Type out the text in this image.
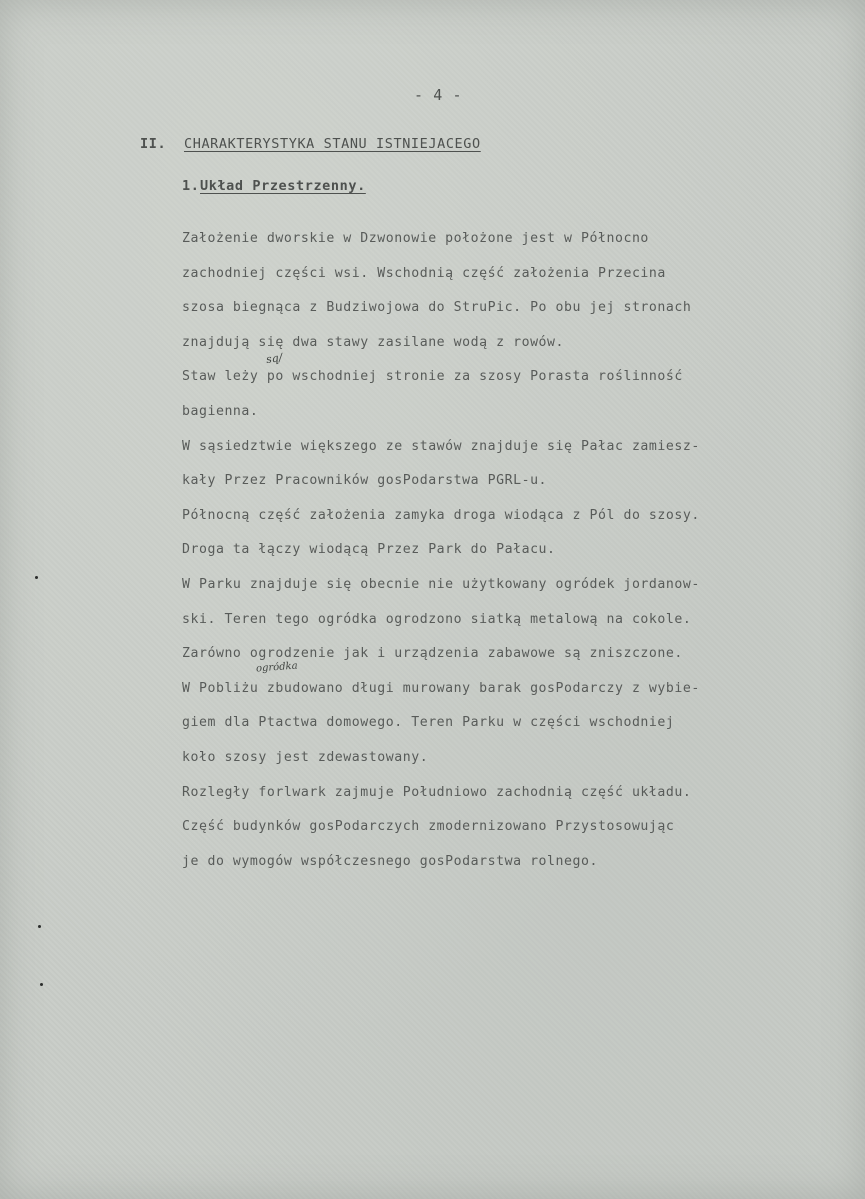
- 4 -
II. CHARAKTERYSTYKA STANU ISTNIEJACEGO
1. Układ Przestrzenny.
Założenie dworskie w Dzwonowie położone jest w Północno
zachodniej części wsi. Wschodnią część założenia Przecina
szosa biegnąca z Budziwojowa do StruPic. Po obu jej stronach
znajdują się dwa stawy zasilane wodą z rowów.
Staw leży po wschodniej stronie za szosy Porasta roślinność
bagienna.
W sąsiedztwie większego ze stawów znajduje się Pałac zamiesz-
kały Przez Pracowników gosPodarstwa PGRL-u.
Północną część założenia zamyka droga wiodąca z Pól do szosy.
Droga ta łączy wiodącą Przez Park do Pałacu.
W Parku znajduje się obecnie nie użytkowany ogródek jordanow-
ski. Teren tego ogródka ogrodzono siatką metalową na cokole.
Zarówno ogrodzenie jak i urządzenia zabawowe są zniszczone.
W Pobliżu zbudowano długi murowany barak gosPodarczy z wybie-
giem dla Ptactwa domowego. Teren Parku w części wschodniej
koło szosy jest zdewastowany.
Rozległy forlwark zajmuje Południowo zachodnią część układu.
Część budynków gosPodarczych zmodernizowano Przystosowując
je do wymogów współczesnego gosPodarstwa rolnego.
sq/
ogródka
